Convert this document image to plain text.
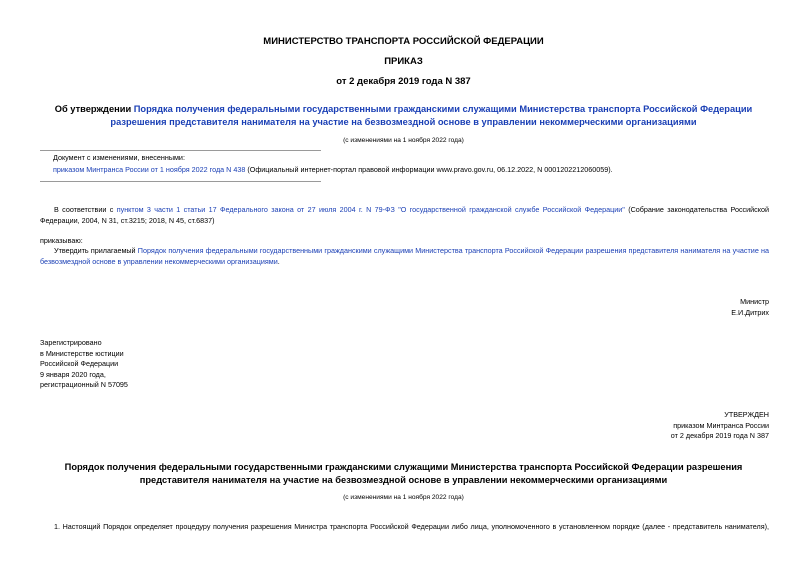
МИНИСТЕРСТВО ТРАНСПОРТА РОССИЙСКОЙ ФЕДЕРАЦИИ
ПРИКАЗ
от 2 декабря 2019 года N 387
Об утверждении Порядка получения федеральными государственными гражданскими служащими Министерства транспорта Российской Федерации разрешения представителя нанимателя на участие на безвозмездной основе в управлении некоммерческими организациями
(с изменениями на 1 ноября 2022 года)
Документ с изменениями, внесенными:
приказом Минтранса России от 1 ноября 2022 года N 438 (Официальный интернет-портал правовой информации www.pravo.gov.ru, 06.12.2022, N 0001202212060059).
В соответствии с пунктом 3 части 1 статьи 17 Федерального закона от 27 июля 2004 г. N 79-ФЗ "О государственной гражданской службе Российской Федерации" (Собрание законодательства Российской Федерации, 2004, N 31, ст.3215; 2018, N 45, ст.6837)
приказываю:
Утвердить прилагаемый Порядок получения федеральными государственными гражданскими служащими Министерства транспорта Российской Федерации разрешения представителя нанимателя на участие на безвозмездной основе в управлении некоммерческими организациями.
Министр
Е.И.Дитрих
Зарегистрировано
в Министерстве юстиции
Российской Федерации
9 января 2020 года,
регистрационный N 57095
УТВЕРЖДЕН
приказом Минтранса России
от 2 декабря 2019 года N 387
Порядок получения федеральными государственными гражданскими служащими Министерства транспорта Российской Федерации разрешения представителя нанимателя на участие на безвозмездной основе в управлении некоммерческими организациями
(с изменениями на 1 ноября 2022 года)
1. Настоящий Порядок определяет процедуру получения разрешения Министра транспорта Российской Федерации либо лица, уполномоченного в установленном порядке (далее - представитель нанимателя),
